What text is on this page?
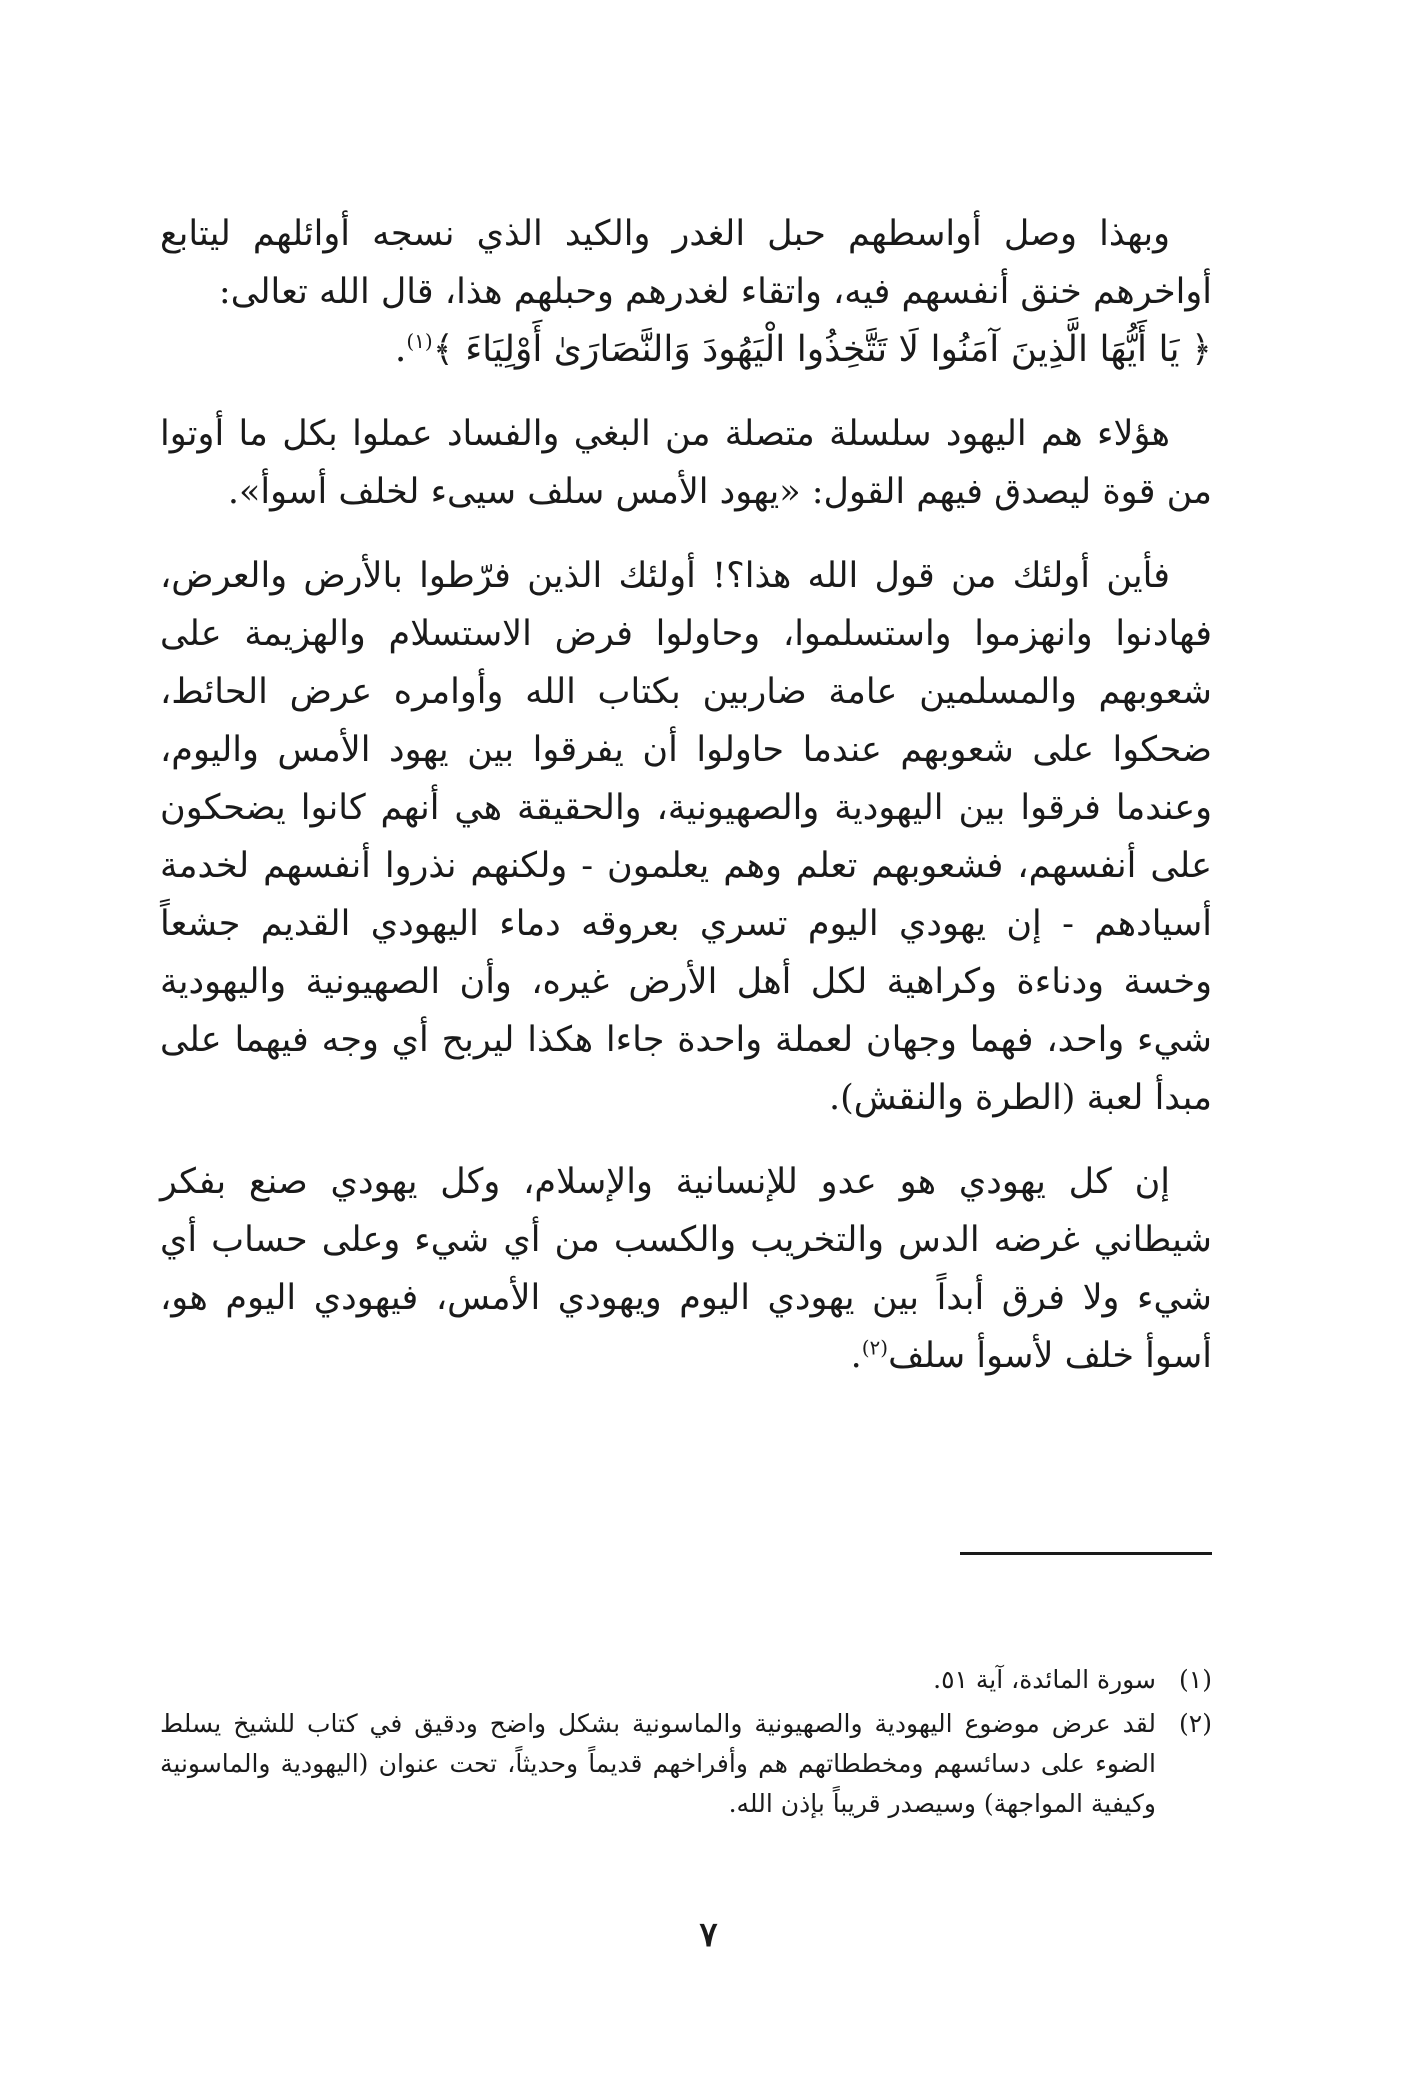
وبهذا وصل أواسطهم حبل الغدر والكيد الذي نسجه أوائلهم ليتابع أواخرهم خنق أنفسهم فيه، واتقاء لغدرهم وحبلهم هذا، قال الله تعالى:
﴿ يَا أَيُّهَا الَّذِينَ آمَنُوا لَا تَتَّخِذُوا الْيَهُودَ وَالنَّصَارَىٰ أَوْلِيَاءَ ﴾$^{(١)}$.

هؤلاء هم اليهود سلسلة متصلة من البغي والفساد عملوا بكل ما أوتوا من قوة ليصدق فيهم القول: «يهود الأمس سلف سيىء لخلف أسوأ».

فأين أولئك من قول الله هذا؟! أولئك الذين فرّطوا بالأرض والعرض، فهادنوا وانهزموا واستسلموا، وحاولوا فرض الاستسلام والهزيمة على شعوبهم والمسلمين عامة ضاربين بكتاب الله وأوامره عرض الحائط، ضحكوا على شعوبهم عندما حاولوا أن يفرقوا بين يهود الأمس واليوم، وعندما فرقوا بين اليهودية والصهيونية، والحقيقة هي أنهم كانوا يضحكون على أنفسهم، فشعوبهم تعلم وهم يعلمون - ولكنهم نذروا أنفسهم لخدمة أسيادهم - إن يهودي اليوم تسري بعروقه دماء اليهودي القديم جشعاً وخسة ودناءة وكراهية لكل أهل الأرض غيره، وأن الصهيونية واليهودية شيء واحد، فهما وجهان لعملة واحدة جاءا هكذا ليربح أي وجه فيهما على مبدأ لعبة (الطرة والنقش).

إن كل يهودي هو عدو للإنسانية والإسلام، وكل يهودي صنع بفكر شيطاني غرضه الدس والتخريب والكسب من أي شيء وعلى حساب أي شيء ولا فرق أبداً بين يهودي اليوم ويهودي الأمس، فيهودي اليوم هو، أسوأ خلف لأسوأ سلف$^{(٢)}$.

(١)
سورة المائدة، آية ٥١.
(٢)
لقد عرض موضوع اليهودية والصهيونية والماسونية بشكل واضح ودقيق في كتاب للشيخ يسلط الضوء على دسائسهم ومخططاتهم هم وأفراخهم قديماً وحديثاً، تحت عنوان (اليهودية والماسونية وكيفية المواجهة) وسيصدر قريباً بإذن الله.
٧
